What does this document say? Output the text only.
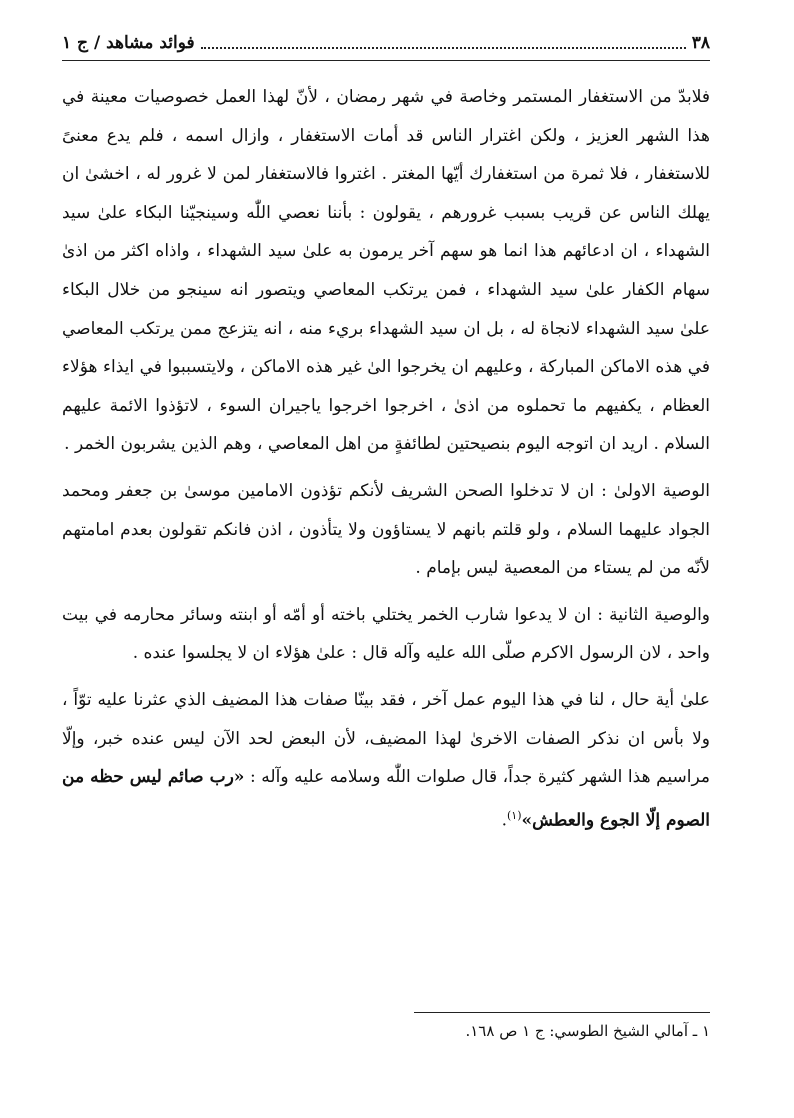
٣٨
فوائد مشاهد / ج ١

فلابدّ من الاستغفار المستمر وخاصة في شهر رمضان ، لأنّ لهذا العمل خصوصيات معينة في هذا الشهر العزيز ، ولكن اغترار الناس قد أمات الاستغفار ، وازال اسمه ، فلم يدع معنىً للاستغفار ، فلا ثمرة من استغفارك أيّها المغتر . اغتروا فالاستغفار لمن لا غرور له ، اخشىٰ ان يهلك الناس عن قريب بسبب غرورهم ، يقولون : بأننا نعصي اللّٰه وسينجيّنا البكاء علىٰ سيد الشهداء ، ان ادعائهم هذا انما هو سهم آخر يرمون به علىٰ سيد الشهداء ، واذاه اكثر من اذىٰ سهام الكفار علىٰ سيد الشهداء ، فمن يرتكب المعاصي ويتصور انه سينجو من خلال البكاء علىٰ سيد الشهداء لانجاة له ، بل ان سيد الشهداء بريء منه ، انه يتزعج ممن يرتكب المعاصي في هذه الاماكن المباركة ، وعليهم ان يخرجوا الىٰ غير هذه الاماكن ، ولايتسببوا في ايذاء هؤلاء العظام ، يكفيهم ما تحملوه من اذىٰ ، اخرجوا اخرجوا ياجيران السوء ، لاتؤذوا الائمة عليهم السلام . اريد ان اتوجه اليوم بنصيحتين لطائفةٍ من اهل المعاصي ، وهم الذين يشربون الخمر .

الوصية الاولىٰ : ان لا تدخلوا الصحن الشريف لأنكم تؤذون الامامين موسىٰ بن جعفر ومحمد الجواد عليهما السلام ، ولو قلتم بانهم لا يستاؤون ولا يتأذون ، اذن فانكم تقولون بعدم امامتهم لأنّه من لم يستاء من المعصية ليس بإمام .

والوصية الثانية : ان لا يدعوا شارب الخمر يختلي باخته أو أمّه أو ابنته وسائر محارمه في بيت واحد ، لان الرسول الاكرم صلّى الله عليه وآله قال : علىٰ هؤلاء ان لا يجلسوا عنده .

علىٰ أية حال ، لنا في هذا اليوم عمل آخر ، فقد بينّا صفات هذا المضيف الذي عثرنا عليه توّاً ، ولا بأس ان نذكر الصفات الاخرىٰ لهذا المضيف، لأن البعض لحد الآن ليس عنده خبر، وإلّا مراسيم هذا الشهر كثيرة جداً، قال صلوات اللّٰه وسلامه عليه وآله : «رب صائم ليس حظه من الصوم إلّا الجوع والعطش»$^{(١)}$.

١ ـ آمالي الشيخ الطوسي: ج ١ ص ١٦٨.
